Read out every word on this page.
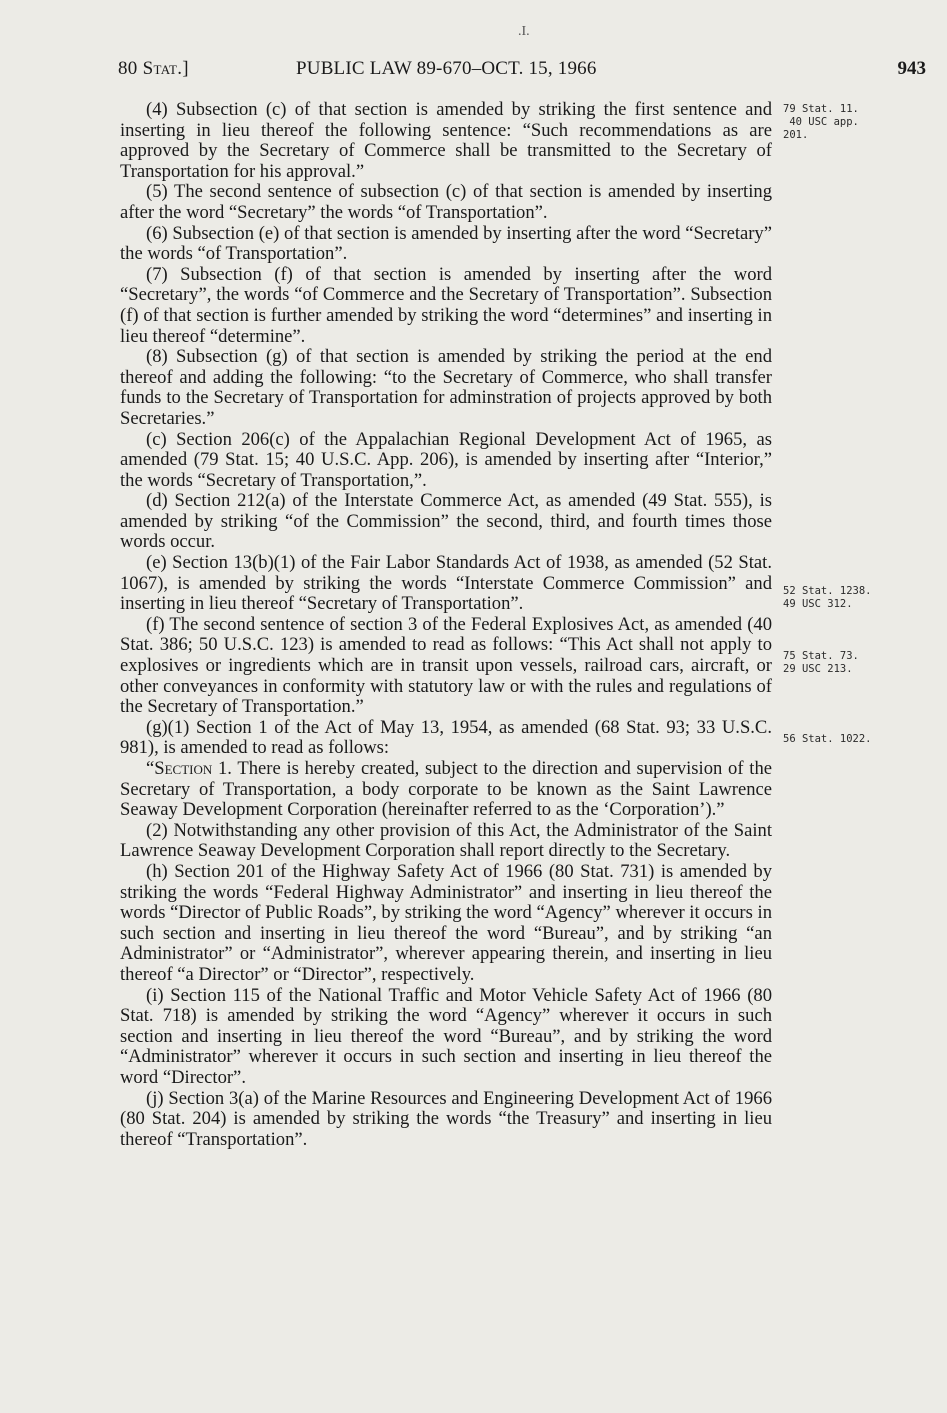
.I.
80 Stat.]	PUBLIC LAW 89-670–OCT. 15, 1966	943

(4) Subsection (c) of that section is amended by striking the first sentence and inserting in lieu thereof the following sentence: “Such recommendations as are approved by the Secretary of Commerce shall be transmitted to the Secretary of Transportation for his approval.”

(5) The second sentence of subsection (c) of that section is amended by inserting after the word “Secretary” the words “of Transportation”.

(6) Subsection (e) of that section is amended by inserting after the word “Secretary” the words “of Transportation”.

(7) Subsection (f) of that section is amended by inserting after the word “Secretary”, the words “of Commerce and the Secretary of Transportation”. Subsection (f) of that section is further amended by striking the word “determines” and inserting in lieu thereof “determine”.

(8) Subsection (g) of that section is amended by striking the period at the end thereof and adding the following: “to the Secretary of Commerce, who shall transfer funds to the Secretary of Transportation for adminstration of projects approved by both Secretaries.”

(c) Section 206(c) of the Appalachian Regional Development Act of 1965, as amended (79 Stat. 15; 40 U.S.C. App. 206), is amended by inserting after “Interior,” the words “Secretary of Transportation,”.

(d) Section 212(a) of the Interstate Commerce Act, as amended (49 Stat. 555), is amended by striking “of the Commission” the second, third, and fourth times those words occur.

(e) Section 13(b)(1) of the Fair Labor Standards Act of 1938, as amended (52 Stat. 1067), is amended by striking the words “Interstate Commerce Commission” and inserting in lieu thereof “Secretary of Transportation”.

(f) The second sentence of section 3 of the Federal Explosives Act, as amended (40 Stat. 386; 50 U.S.C. 123) is amended to read as follows: “This Act shall not apply to explosives or ingredients which are in transit upon vessels, railroad cars, aircraft, or other conveyances in conformity with statutory law or with the rules and regulations of the Secretary of Transportation.”

(g)(1) Section 1 of the Act of May 13, 1954, as amended (68 Stat. 93; 33 U.S.C. 981), is amended to read as follows:

“Section 1. There is hereby created, subject to the direction and supervision of the Secretary of Transportation, a body corporate to be known as the Saint Lawrence Seaway Development Corporation (hereinafter referred to as the ‘Corporation’).”

(2) Notwithstanding any other provision of this Act, the Administrator of the Saint Lawrence Seaway Development Corporation shall report directly to the Secretary.

(h) Section 201 of the Highway Safety Act of 1966 (80 Stat. 731) is amended by striking the words “Federal Highway Administrator” and inserting in lieu thereof the words “Director of Public Roads”, by striking the word “Agency” wherever it occurs in such section and inserting in lieu thereof the word “Bureau”, and by striking “an Administrator” or “Administrator”, wherever appearing therein, and inserting in lieu thereof “a Director” or “Director”, respectively.

(i) Section 115 of the National Traffic and Motor Vehicle Safety Act of 1966 (80 Stat. 718) is amended by striking the word “Agency” wherever it occurs in such section and inserting in lieu thereof the word “Bureau”, and by striking the word “Administrator” wherever it occurs in such section and inserting in lieu thereof the word “Director”.

(j) Section 3(a) of the Marine Resources and Engineering Development Act of 1966 (80 Stat. 204) is amended by striking the words “the Treasury” and inserting in lieu thereof “Transportation”.

79 Stat. 11.
40 USC app.
201.
52 Stat. 1238.
49 USC 312.
75 Stat. 73.
29 USC 213.
56 Stat. 1022.
